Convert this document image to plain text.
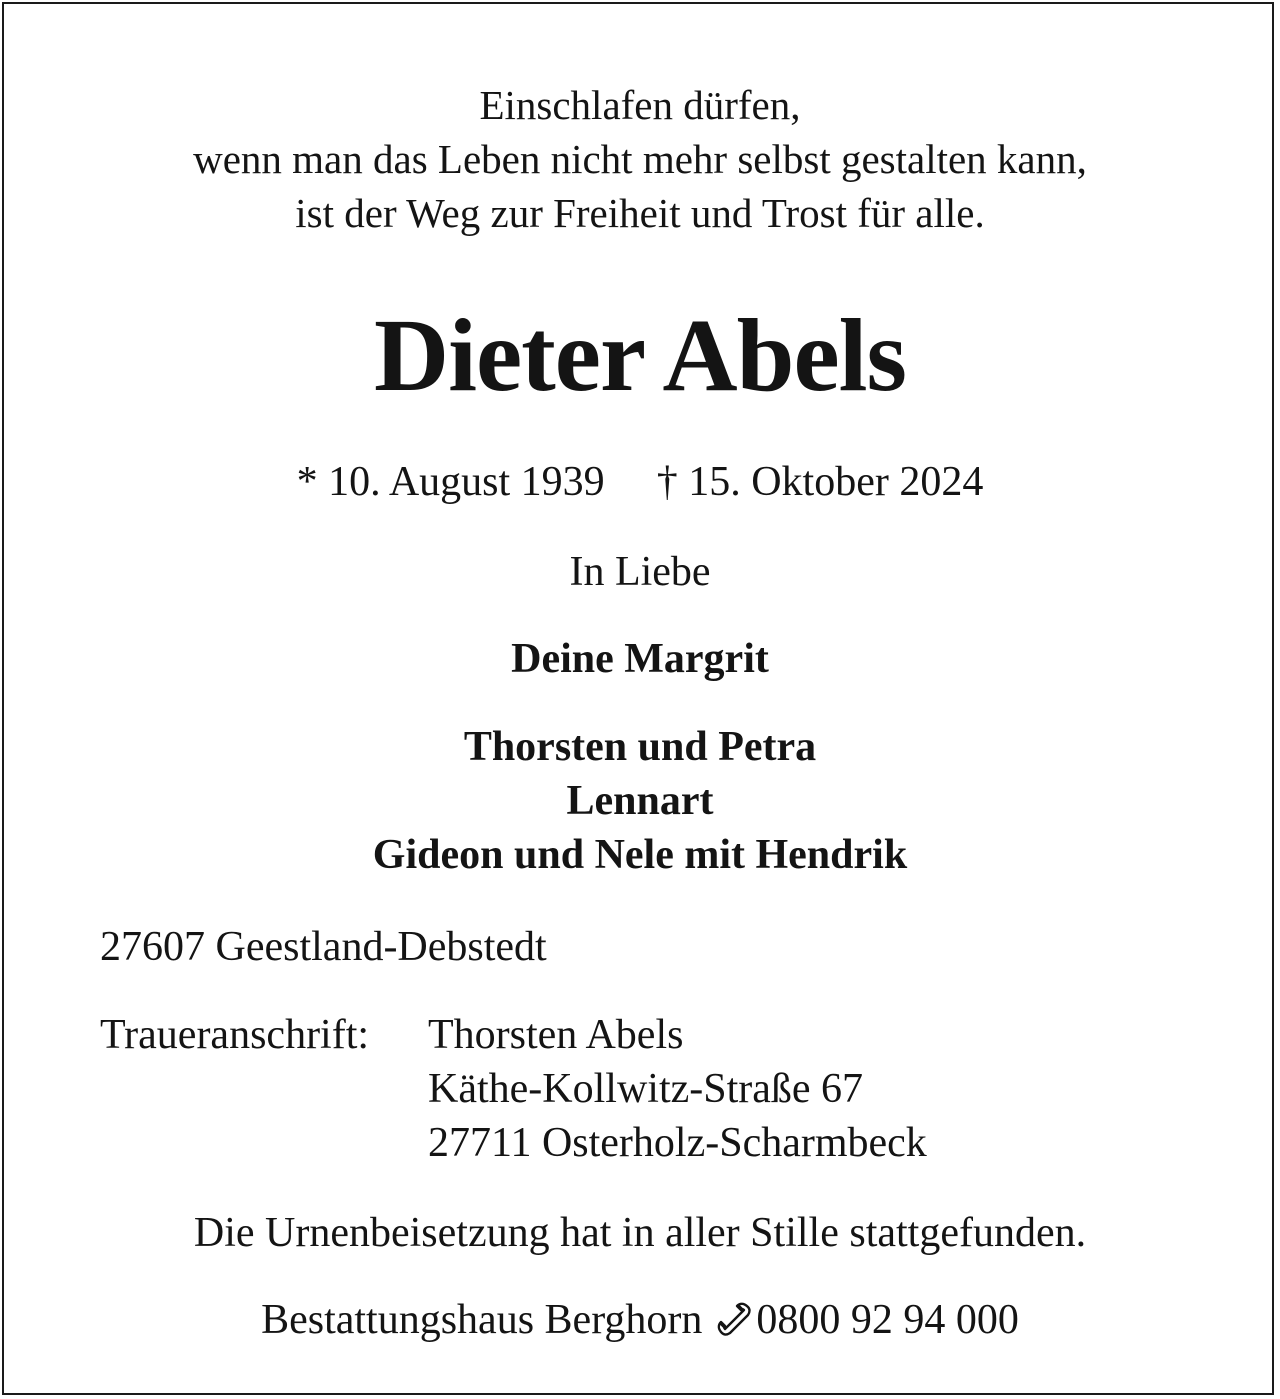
Einschlafen dürfen,
wenn man das Leben nicht mehr selbst gestalten kann,
ist der Weg zur Freiheit und Trost für alle.
Dieter Abels
* 10. August 1939 † 15. Oktober 2024
In Liebe
Deine Margrit
Thorsten und Petra
Lennart
Gideon und Nele mit Hendrik
27607 Geestland-Debstedt
Traueranschrift: Thorsten Abels
Käthe-Kollwitz-Straße 67
27711 Osterholz-Scharmbeck
Die Urnenbeisetzung hat in aller Stille stattgefunden.
Bestattungshaus Berghorn 0800 92 94 000
